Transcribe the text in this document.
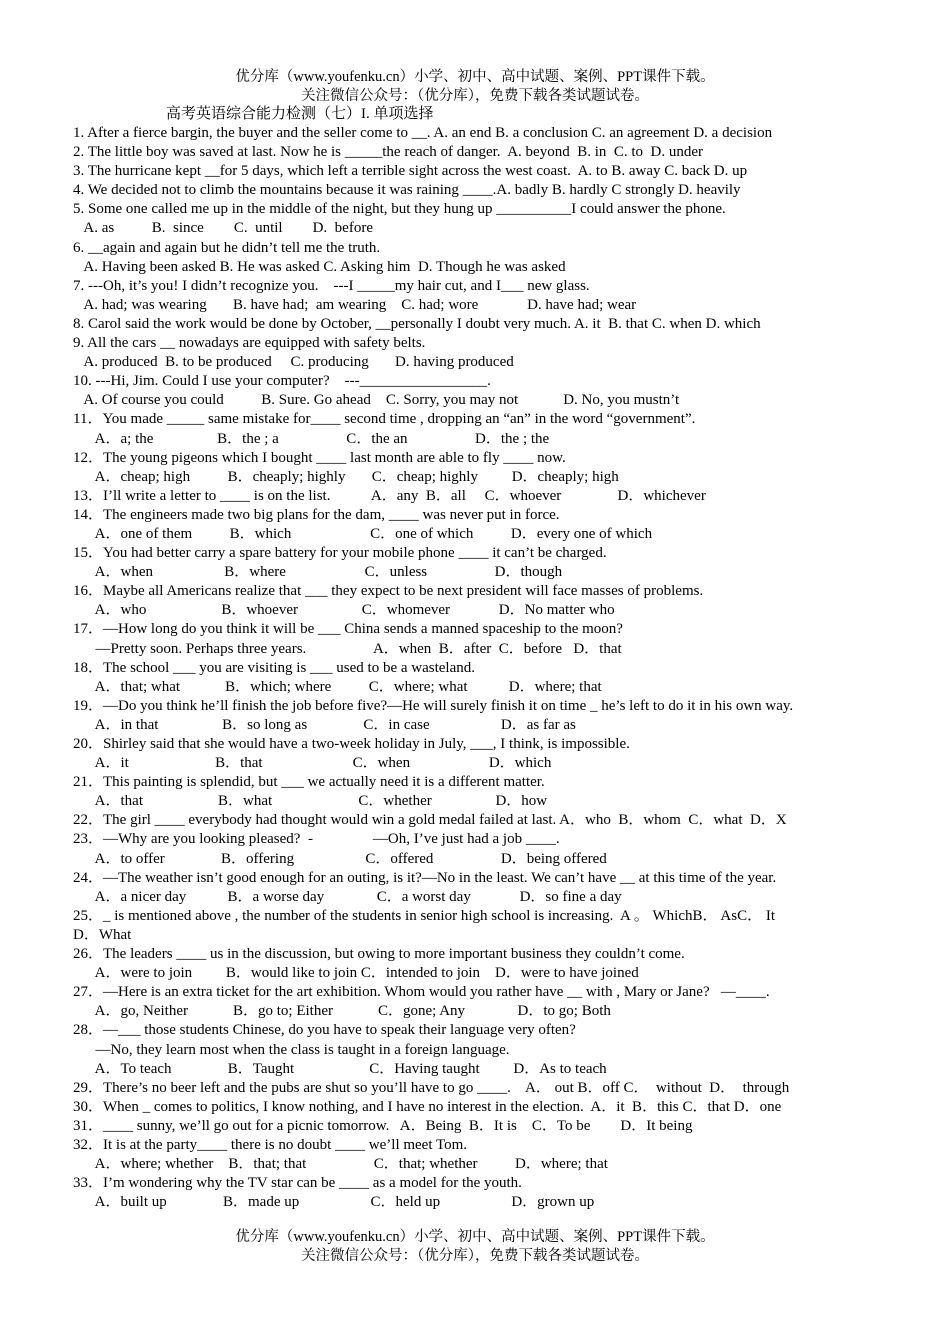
优分库（www.youfenku.cn）小学、初中、高中试题、案例、PPT课件下载。
关注微信公众号：（优分库），免费下载各类试题试卷。
高考英语综合能力检测（七）I. 单项选择
1. After a fierce bargin, the buyer and the seller come to __. A. an end B. a conclusion C. an agreement D. a decision
2. The little boy was saved at last. Now he is _____the reach of danger.  A. beyond  B. in  C. to  D. under
3. The hurricane kept __for 5 days, which left a terrible sight across the west coast.  A. to B. away C. back D. up
4. We decided not to climb the mountains because it was raining ____.A. badly B. hardly C strongly D. heavily
5. Some one called me up in the middle of the night, but they hung up __________I could answer the phone.
A. as          B.  since        C.  until        D.  before
6. __again and again but he didn’t tell me the truth.
A. Having been asked B. He was asked C. Asking him  D. Though he was asked
7. ---Oh, it’s you! I didn’t recognize you.    ---I _____my hair cut, and I___ new glass.
A. had; was wearing       B. have had;  am wearing    C. had; wore             D. have had; wear
8. Carol said the work would be done by October, __personally I doubt very much. A. it  B. that C. when D. which
9. All the cars __ nowadays are equipped with safety belts.
A. produced  B. to be produced     C. producing       D. having produced
10. ---Hi, Jim. Could I use your computer?    ---_________________.
A. Of course you could          B. Sure. Go ahead    C. Sorry, you may not            D. No, you mustn’t
11．You made _____ same mistake for____ second time , dropping an “an” in the word “government”.
A．a; the                 B．the ; a                  C．the an                  D．the ; the
12．The young pigeons which I bought ____ last month are able to fly ____ now.
A．cheap; high          B．cheaply; highly       C．cheap; highly         D．cheaply; high
13．I’ll write a letter to ____ is on the list.           A．any  B．all     C．whoever               D．whichever
14．The engineers made two big plans for the dam, ____ was never put in force.
A．one of them          B．which                     C．one of which          D．every one of which
15．You had better carry a spare battery for your mobile phone ____ it can’t be charged.
A．when                   B．where                     C．unless                  D．though
16．Maybe all Americans realize that ___ they expect to be next president will face masses of problems.
A．who                    B．whoever                 C．whomever             D．No matter who
17．—How long do you think it will be ___ China sends a manned spaceship to the moon?
—Pretty soon. Perhaps three years.                  A．when  B．after  C．before   D．that
18．The school ___ you are visiting is ___ used to be a wasteland.
A．that; what            B．which; where          C．where; what           D．where; that
19．—Do you think he’ll finish the job before five?—He will surely finish it on time _ he’s left to do it in his own way.
A．in that                 B．so long as               C．in case                   D．as far as
20．Shirley said that she would have a two-week holiday in July, ___, I think, is impossible.
A．it                       B．that                        C．when                     D．which
21．This painting is splendid, but ___ we actually need it is a different matter.
A．that                    B．what                       C．whether                 D．how
22．The girl ____ everybody had thought would win a gold medal failed at last. A．who  B．whom  C．what  D．X
23．—Why are you looking pleased?  -                —Oh, I’ve just had a job ____.
A．to offer               B．offering                   C．offered                  D．being offered
24．—The weather isn’t good enough for an outing, is it?—No in the least. We can’t have __ at this time of the year.
A．a nicer day           B．a worse day              C．a worst day             D．so fine a day
25．_ is mentioned above , the number of the students in senior high school is increasing.  A 。 WhichB． AsC． It
D．What
26．The leaders ____ us in the discussion, but owing to more important business they couldn’t come.
A．were to join         B．would like to join C．intended to join    D．were to have joined
27．—Here is an extra ticket for the art exhibition. Whom would you rather have __ with , Mary or Jane?   —____.
A．go, Neither            B．go to; Either            C．gone; Any              D．to go; Both
28．—___ those students Chinese, do you have to speak their language very often?
—No, they learn most when the class is taught in a foreign language.
A．To teach               B．Taught                    C．Having taught         D．As to teach
29．There’s no beer left and the pubs are shut so you’ll have to go ____.    A． out B．off C．  without  D．  through
30．When _ comes to politics, I know nothing, and I have no interest in the election.  A．it  B．this C．that D．one
31．____ sunny, we’ll go out for a picnic tomorrow.   A．Being  B．It is    C．To be        D．It being
32．It is at the party____ there is no doubt ____ we’ll meet Tom.
A．where; whether    B．that; that                  C．that; whether          D．where; that
33．I’m wondering why the TV star can be ____ as a model for the youth.
A．built up               B．made up                   C．held up                   D．grown up
优分库（www.youfenku.cn）小学、初中、高中试题、案例、PPT课件下载。
关注微信公众号：（优分库），免费下载各类试题试卷。
